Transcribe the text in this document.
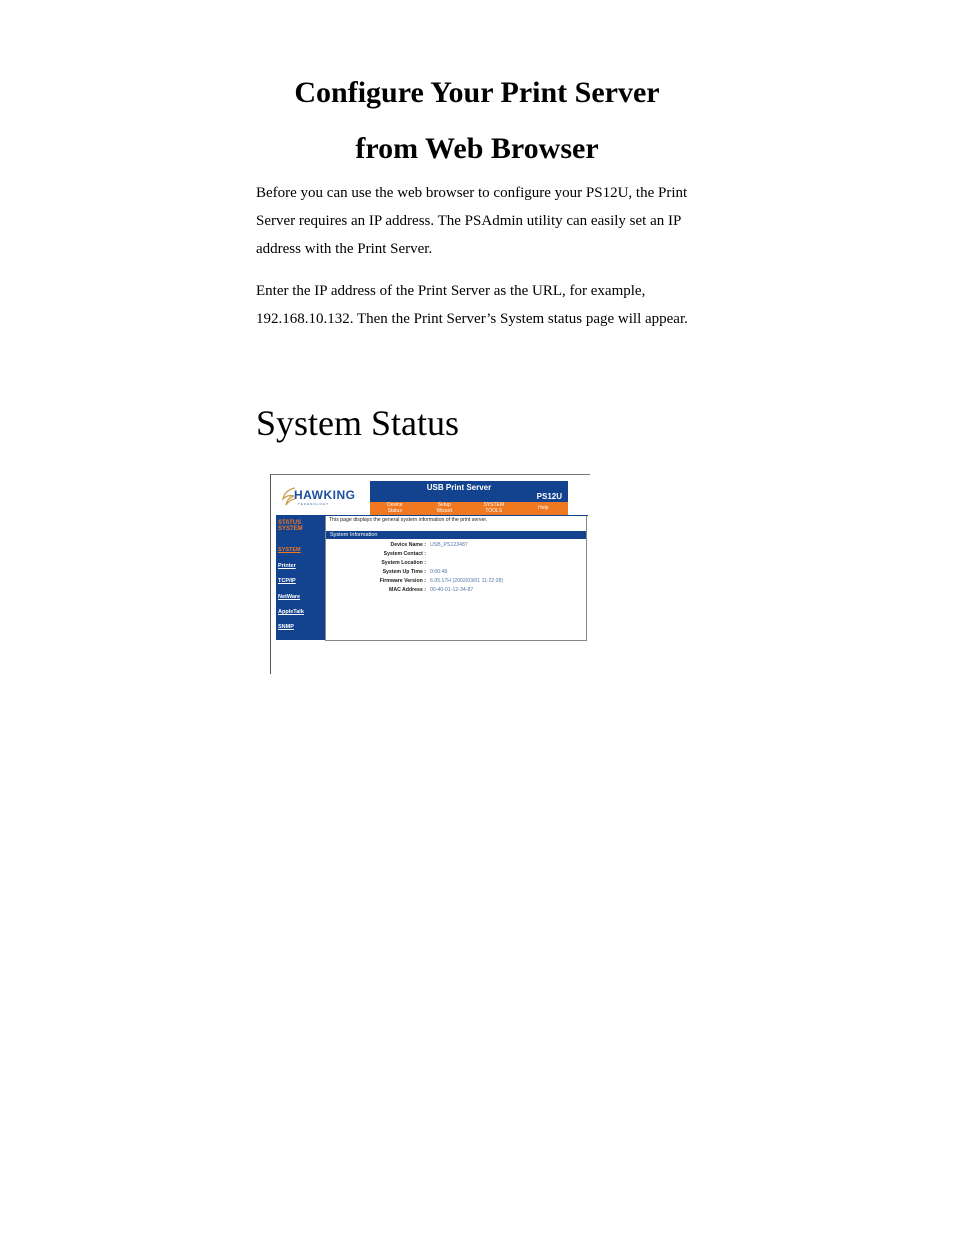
Configure Your Print Server
from Web Browser

Before you can use the web browser to configure your PS12U, the Print Server requires an IP address. The PSAdmin utility can easily set an IP address with the Print Server.

Enter the IP address of the Print Server as the URL, for example, 192.168.10.132. Then the Print Server’s System status page will appear.

System Status
HAWKING
TECHNOLOGY
USB Print Server
PS12U
Device
Status
Setup
Wizard
SYSTEM
TOOLS	Help
STATUS
SYSTEM
SYSTEM
Printer
TCP/IP
NetWare
AppleTalk
SNMP
This page displays the general system information of the print server.
System Information
Device Name : USB_PS123487
System Contact :
System Location :
System Up Time : 0:00:48
Firmware Version : 6.05.17H (2002/03/01 11:22:28)
MAC Address : 00-40-01-12-34-87
